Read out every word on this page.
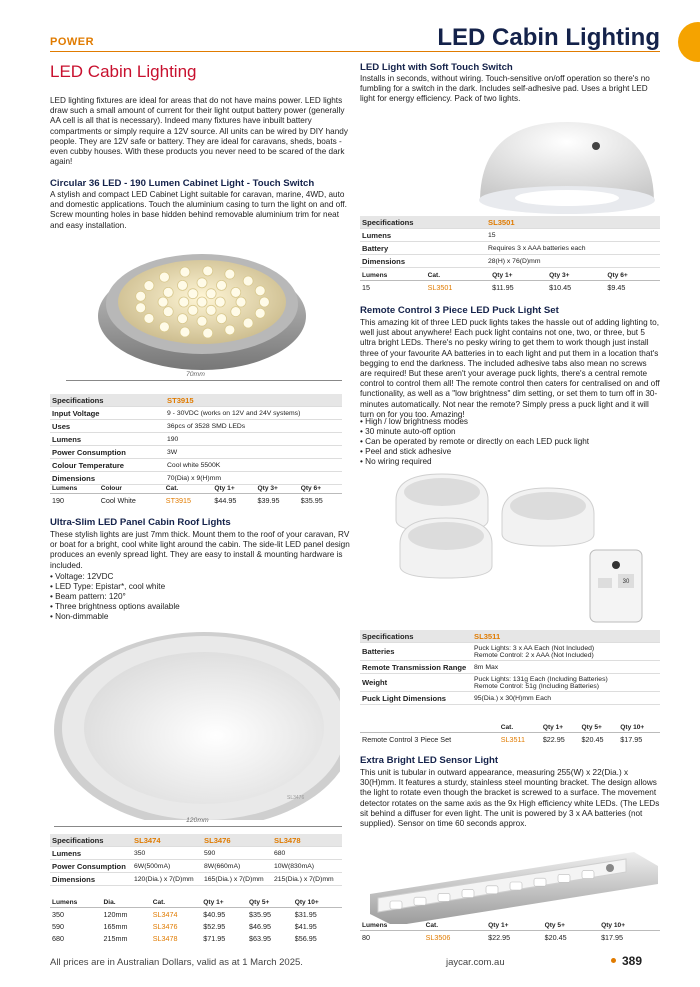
POWER	LED Cabin Lighting
LED Cabin Lighting
LED lighting fixtures are ideal for areas that do not have mains power. LED lights draw such a small amount of current for their light output battery power (generally AA cell is all that is necessary). Indeed many fixtures have inbuilt battery compartments or simply require a 12V source. All units can be wired by DIY handy people. They are 12V safe or battery. They are ideal for caravans, sheds, boats - even cubby houses. With these products you never need to be scared of the dark again!
Circular 36 LED - 190 Lumen Cabinet Light - Touch Switch
A stylish and compact LED Cabinet Light suitable for caravan, marine, 4WD, auto and domestic applications. Touch the aluminium casing to turn the light on and off. Screw mounting holes in base hidden behind removable aluminium trim for neat and easy installation.
70mm
Specifications	ST3915
Input Voltage	9 - 30VDC (works on 12V and 24V systems)
Uses	36pcs of 3528 SMD LEDs
Lumens	190
Power Consumption	3W
Colour Temperature	Cool white 5500K
Dimensions	70(Dia) x 9(H)mm
Lumens	Colour	Cat.	Qty 1+	Qty 3+	Qty 6+
190	Cool White	ST3915	$44.95	$39.95	$35.95
Ultra-Slim LED Panel Cabin Roof Lights
These stylish lights are just 7mm thick. Mount them to the roof of your caravan, RV or boat for a bright, cool white light around the cabin. The side-lit LED panel design produces an evenly spread light. They are easy to install & mounting hardware is included.
• Voltage: 12VDC
• LED Type: Epistar*, cool white
• Beam pattern: 120°
• Three brightness options available
• Non-dimmable
SL3476
120mm
Specifications	SL3474	SL3476	SL3478
Lumens	350	590	680
Power Consumption	6W(500mA)	8W(660mA)	10W(830mA)
Dimensions	120(Dia.) x 7(D)mm	165(Dia.) x 7(D)mm	215(Dia.) x 7(D)mm
Lumens	Dia.	Cat.	Qty 1+	Qty 5+	Qty 10+
350	120mm	SL3474	$40.95	$35.95	$31.95
590	165mm	SL3476	$52.95	$46.95	$41.95
680	215mm	SL3478	$71.95	$63.95	$56.95
LED Light with Soft Touch Switch
Installs in seconds, without wiring. Touch-sensitive on/off operation so there's no fumbling for a switch in the dark. Includes self-adhesive pad. Uses a bright LED light for energy efficiency. Pack of two lights.
Specifications	SL3501
Lumens	15
Battery	Requires 3 x AAA batteries each
Dimensions	28(H) x 76(D)mm
Lumens	Cat.	Qty 1+	Qty 3+	Qty 6+
15	SL3501	$11.95	$10.45	$9.45
Remote Control 3 Piece LED Puck Light Set
This amazing kit of three LED puck lights takes the hassle out of adding lighting to, well just about anywhere! Each puck light contains not one, two, or three, but 5 ultra bright LEDs. There's no pesky wiring to get them to work though just install three of your favourite AA batteries in to each light and put them in a location that's begging to end the darkness. The included adhesive tabs also mean no screws are required! But these aren't your average puck lights, there's a central remote control to control them all! The remote control then caters for centralised on and off functionality, as well as a "low brightness" dim setting, or set them to turn off in 30-minutes automatically. Not near the remote? Simply press a puck light and it will turn on for you too. Amazing!
• High / low brightness modes
• 30 minute auto-off option
• Can be operated by remote or directly on each LED puck light
• Peel and stick adhesive
• No wiring required
30
Specifications	SL3511
Batteries	Puck Lights: 3 x AA Each (Not Included)
Remote Control: 2 x AAA (Not Included)

Remote Transmission Range	8m Max

Weight	Puck Lights: 131g Each (Including Batteries)
Remote Control: 51g (Including Batteries)

Puck Light Dimensions	95(Dia.) x 30(H)mm Each
	Cat.	Qty 1+	Qty 5+	Qty 10+
Remote Control 3 Piece Set	SL3511	$22.95	$20.45	$17.95
Extra Bright LED Sensor Light
This unit is tubular in outward appearance, measuring 255(W) x 22(Dia.) x 30(H)mm. It features a sturdy, stainless steel mounting bracket. The design allows the light to rotate even though the bracket is screwed to a surface. The movement detector rotates on the same axis as the 9x High efficiency white LEDs. (The LEDs sit behind a diffuser for even light. The unit is powered by 3 x AA batteries (not supplied). Sensor on time 60 seconds approx.
Lumens	Cat.	Qty 1+	Qty 5+	Qty 10+
80	SL3506	$22.95	$20.45	$17.95
All prices are in Australian Dollars, valid as at 1 March 2025.	jaycar.com.au	389
